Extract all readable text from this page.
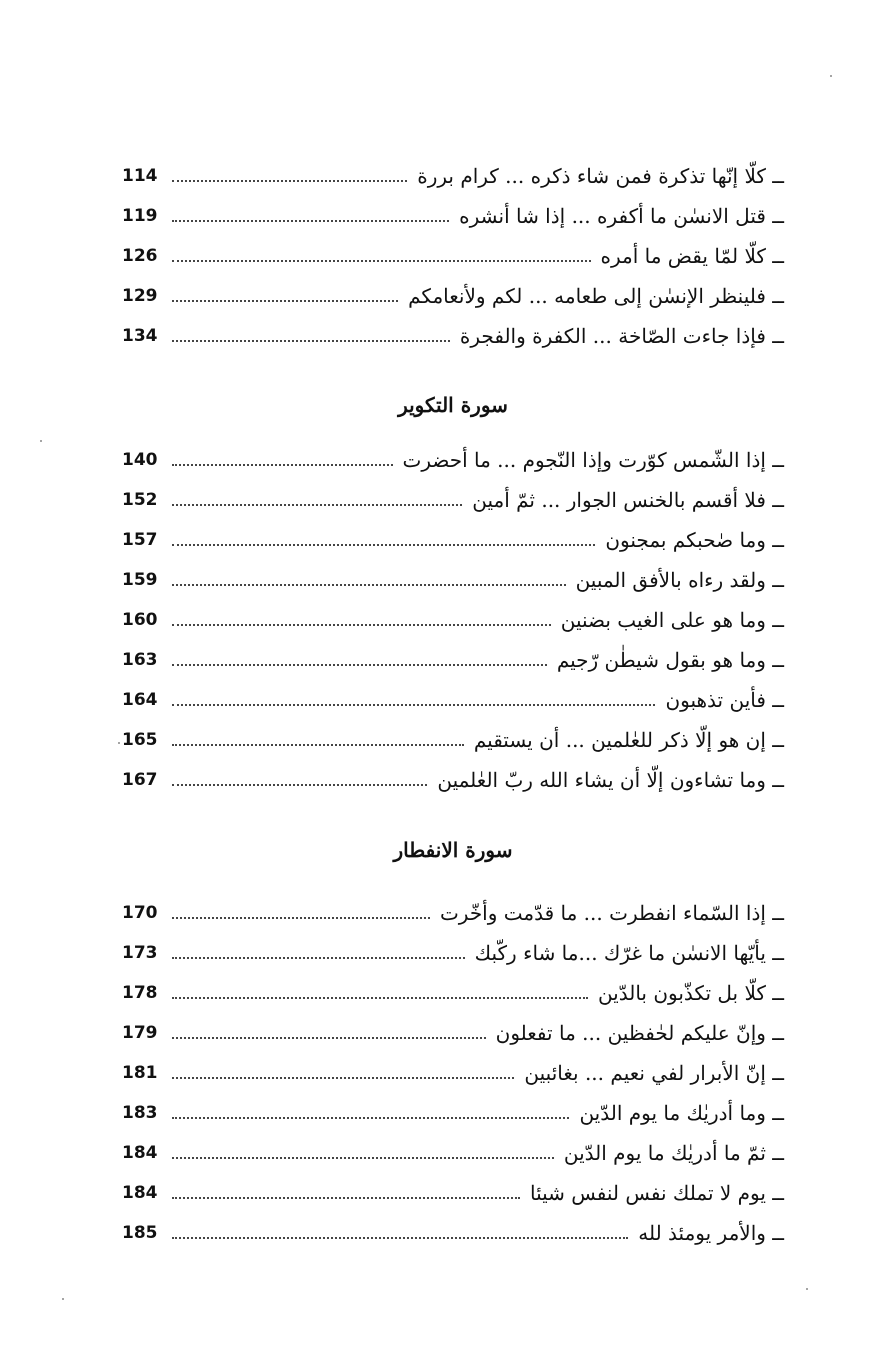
114	ــ كلّا إنّها تذكرة فمن شاء ذكره ... كرام بررة
119	ــ قتل الانسٰن ما أكفره ... إذا شا أنشره
126	ــ كلّا لمّا يقض ما أمره
129	ــ فلينظر الإنسٰن إلى طعامه ... لكم ولأنعامكم
134	ــ فإذا جاءت الصّاخة ... الكفرة والفجرة
سورة التكوير
140	ــ إذا الشّمس كوّرت وإذا النّجوم ... ما أحضرت
152	ــ فلا أقسم بالخنس الجوار ... ثمّ أمين
157	ــ وما صٰحبكم بمجنون
159	ــ ولقد رءاه بالأفق المبين
160	ــ وما هو على الغيب بضنين
163	ــ وما هو بقول شيطٰن رّجيم
164	ــ فأين تذهبون
165	ــ إن هو إلّا ذكر للعٰلمين ... أن يستقيم
167	ــ وما تشاءون إلّا أن يشاء الله ربّ العٰلمين
سورة الانفطار
170	ــ إذا السّماء انفطرت ... ما قدّمت وأخّرت
173	ــ يأيّها الانسٰن ما غرّك ...ما شاء ركّبك
178	ــ كلّا بل تكذّبون بالدّين
179	ــ وإنّ عليكم لحٰفظين ... ما تفعلون
181	ــ إنّ الأبرار لفي نعيم ... بغائبين
183	ــ وما أدريٰك ما يوم الدّين
184	ــ ثمّ ما أدريٰك ما يوم الدّين
184	ــ يوم لا تملك نفس لنفس شيئا
185	ــ والأمر يومئذ لله
